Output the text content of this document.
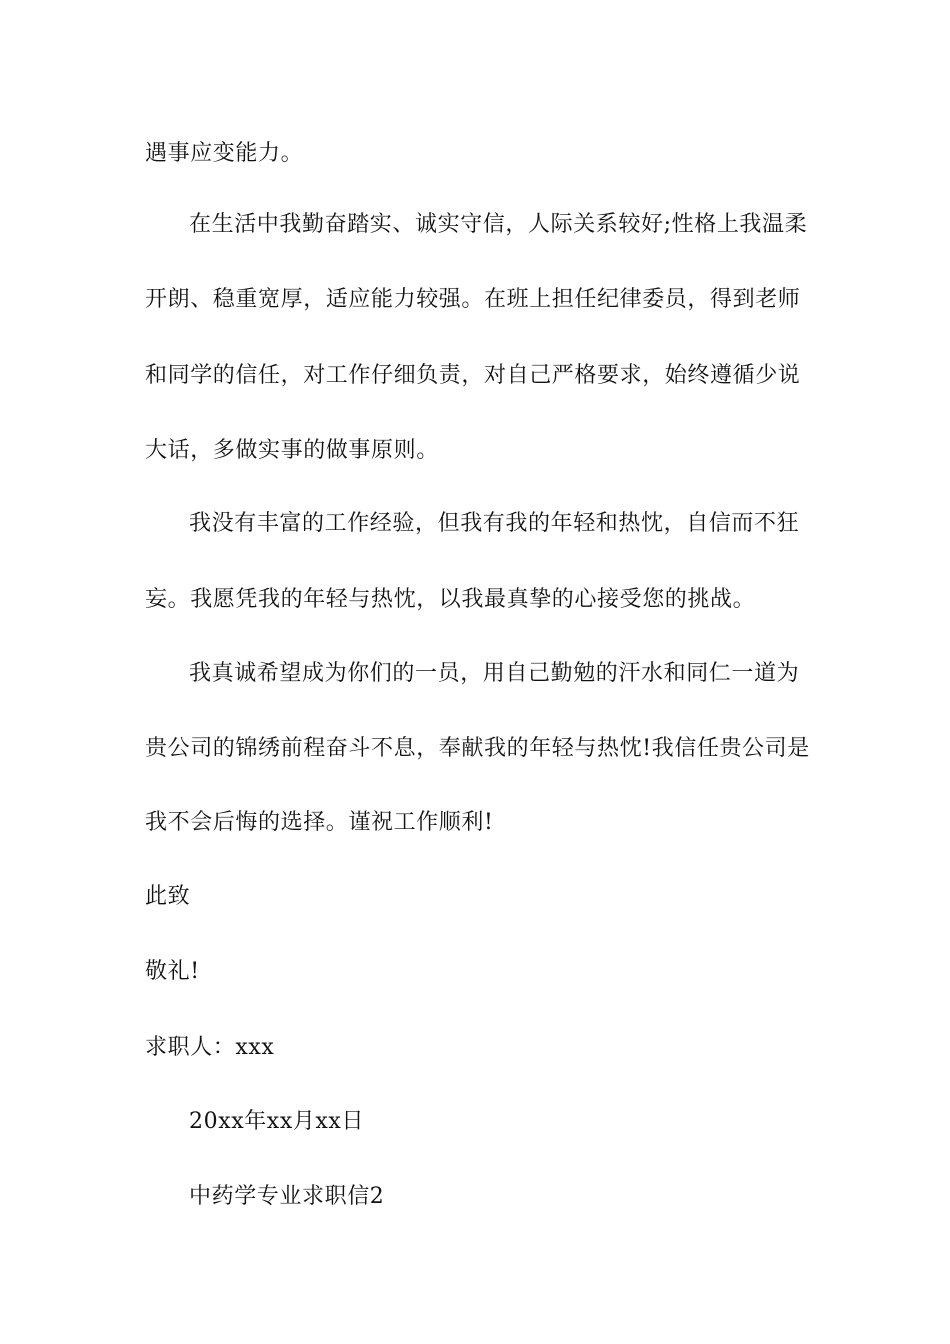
遇事应变能力。
在生活中我勤奋踏实、诚实守信，人际关系较好;性格上我温柔
开朗、稳重宽厚，适应能力较强。在班上担任纪律委员，得到老师
和同学的信任，对工作仔细负责，对自己严格要求，始终遵循少说
大话，多做实事的做事原则。
我没有丰富的工作经验，但我有我的年轻和热忱，自信而不狂
妄。我愿凭我的年轻与热忱，以我最真挚的心接受您的挑战。
我真诚希望成为你们的一员，用自己勤勉的汗水和同仁一道为
贵公司的锦绣前程奋斗不息，奉献我的年轻与热忱!我信任贵公司是
我不会后悔的选择。谨祝工作顺利!
此致
敬礼!
求职人：xxx
20xx年xx月xx日
中药学专业求职信2
